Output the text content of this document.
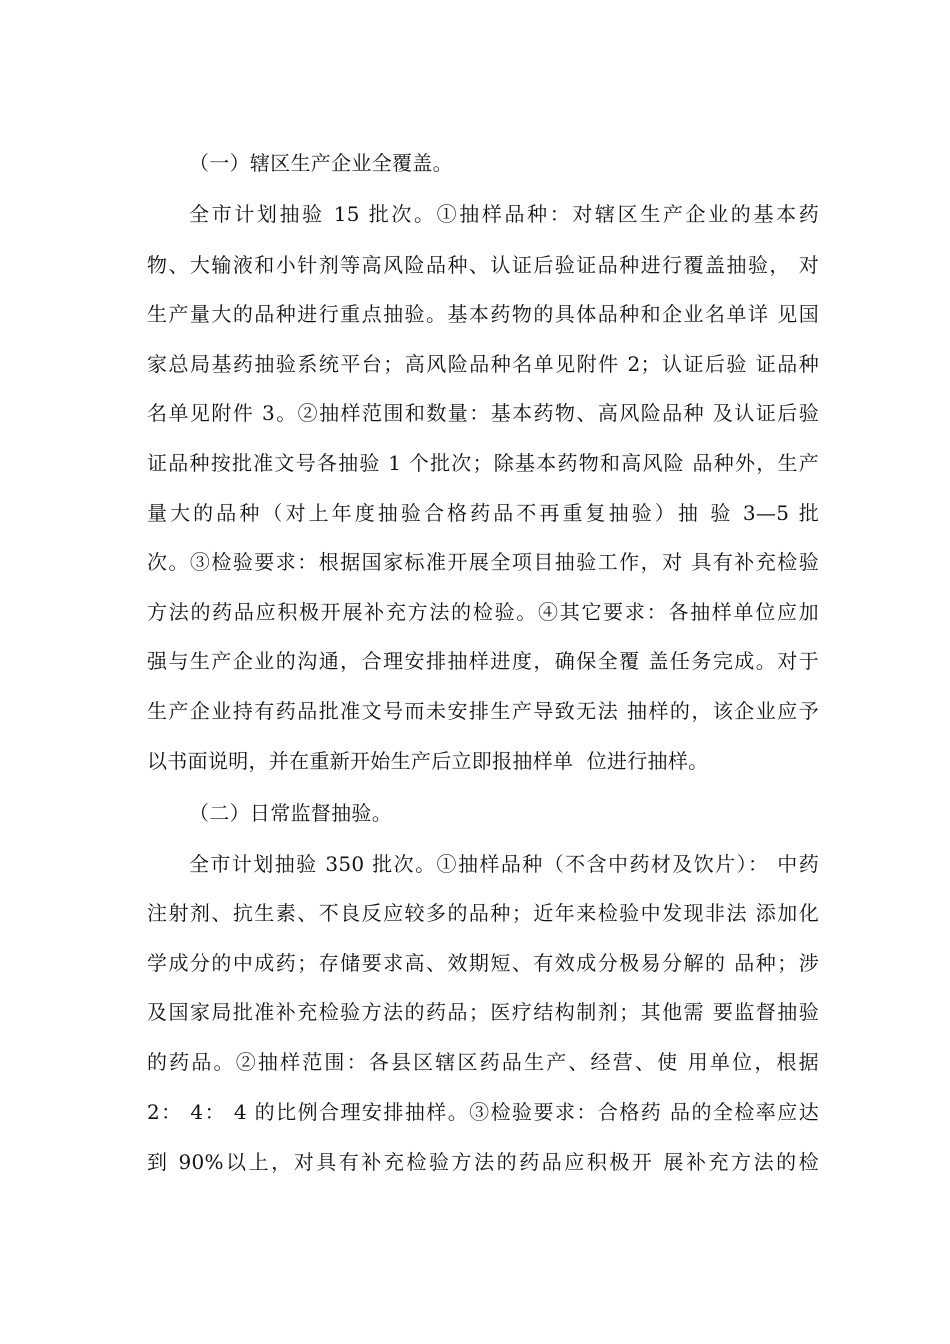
（一）辖区生产企业全覆盖。
全市计划抽验 15 批次。①抽样品种：对辖区生产企业的基本药
物、大输液和小针剂等高风险品种、认证后验证品种进行覆盖抽验， 对
生产量大的品种进行重点抽验。基本药物的具体品种和企业名单详 见国
家总局基药抽验系统平台；高风险品种名单见附件 2；认证后验 证品种
名单见附件 3。②抽样范围和数量：基本药物、高风险品种 及认证后验
证品种按批准文号各抽验 1 个批次；除基本药物和高风险 品种外，生产
量大的品种（对上年度抽验合格药品不再重复抽验）抽 验 3—5 批
次。③检验要求：根据国家标准开展全项目抽验工作，对 具有补充检验
方法的药品应积极开展补充方法的检验。④其它要求：各抽样单位应加
强与生产企业的沟通，合理安排抽样进度，确保全覆 盖任务完成。对于
生产企业持有药品批准文号而未安排生产导致无法 抽样的，该企业应予
以书面说明，并在重新开始生产后立即报抽样单  位进行抽样。
（二）日常监督抽验。
全市计划抽验 350 批次。①抽样品种（不含中药材及饮片）： 中药
注射剂、抗生素、不良反应较多的品种；近年来检验中发现非法 添加化
学成分的中成药；存储要求高、效期短、有效成分极易分解的 品种；涉
及国家局批准补充检验方法的药品；医疗结构制剂；其他需 要监督抽验
的药品。②抽样范围：各县区辖区药品生产、经营、使 用单位，根据
2： 4： 4 的比例合理安排抽样。③检验要求：合格药 品的全检率应达
到 90%以上，对具有补充检验方法的药品应积极开 展补充方法的检
